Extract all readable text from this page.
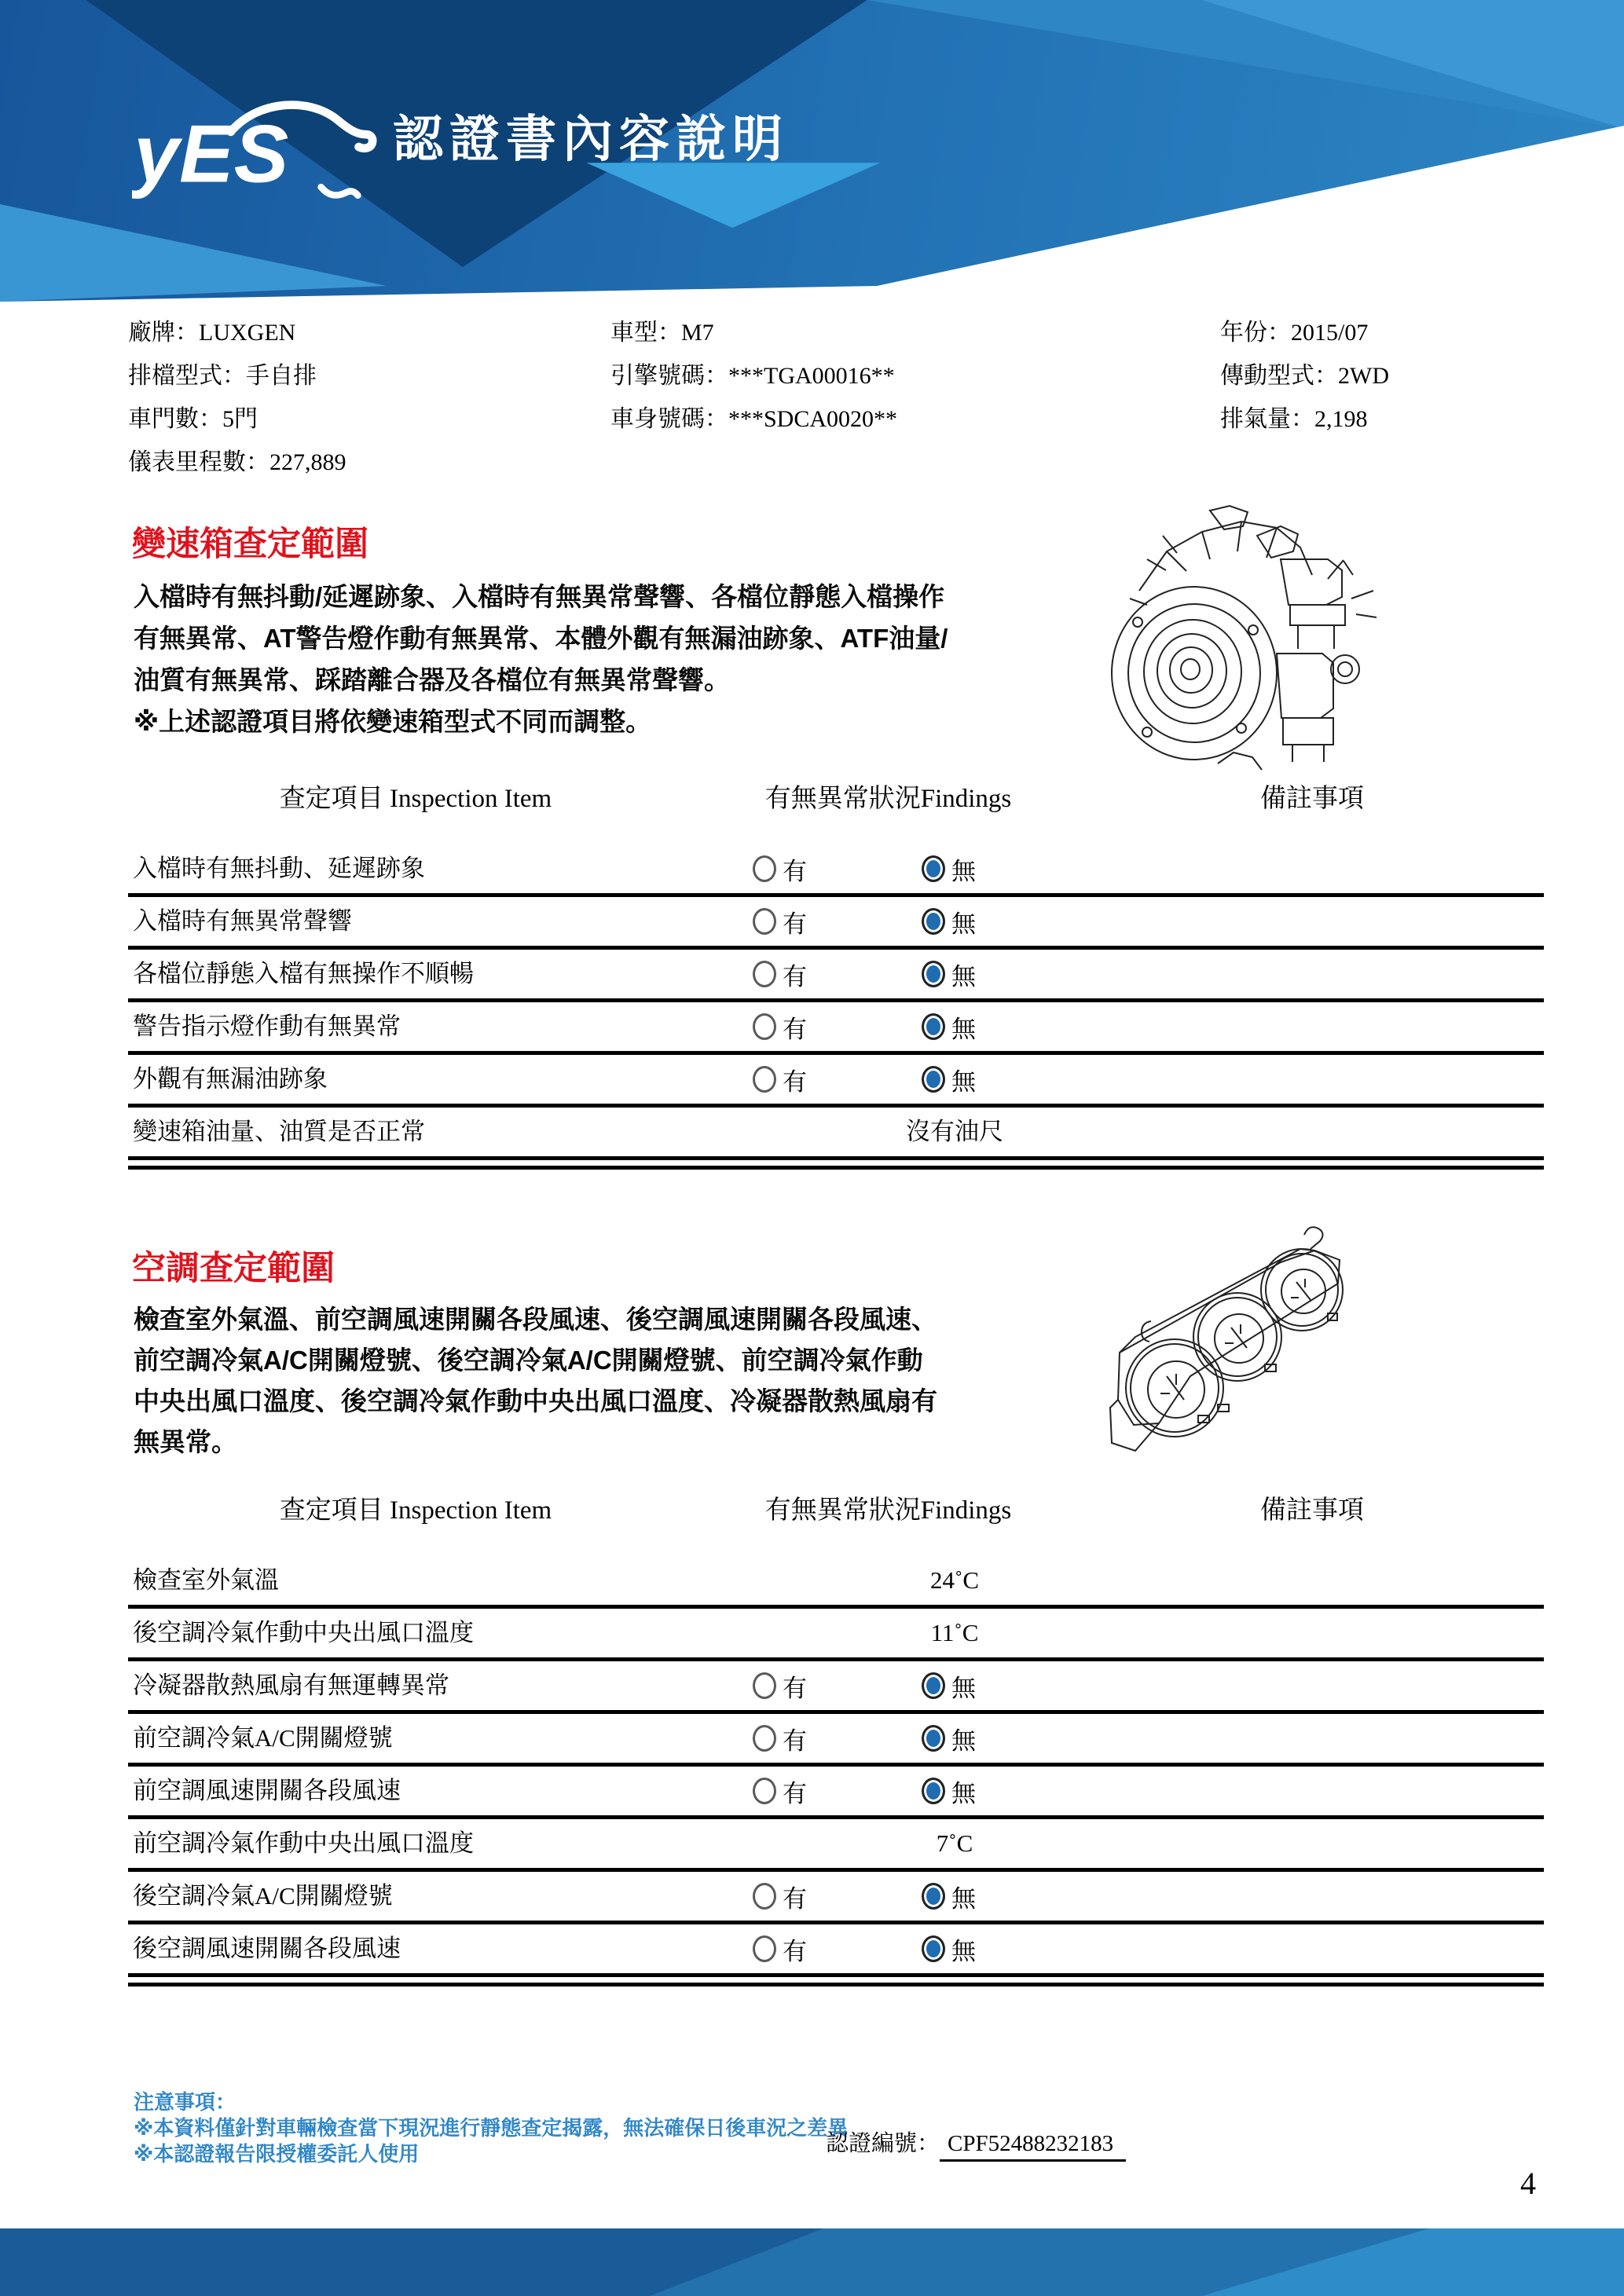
yES 認證書內容說明
廠牌：LUXGEN
排檔型式：手自排
車門數：5門
儀表里程數：227,889
車型：M7
引擎號碼：***TGA00016**
車身號碼：***SDCA0020**
年份：2015/07
傳動型式：2WD
排氣量：2,198
變速箱查定範圍
入檔時有無抖動/延遲跡象、入檔時有無異常聲響、各檔位靜態入檔操作
有無異常、AT警告燈作動有無異常、本體外觀有無漏油跡象、ATF油量/
油質有無異常、踩踏離合器及各檔位有無異常聲響。
※上述認證項目將依變速箱型式不同而調整。
查定項目 Inspection Item	有無異常狀況Findings	備註事項
入檔時有無抖動、延遲跡象	有	無
入檔時有無異常聲響	有	無
各檔位靜態入檔有無操作不順暢	有	無
警告指示燈作動有無異常	有	無
外觀有無漏油跡象	有	無
變速箱油量、油質是否正常	沒有油尺
空調查定範圍
檢查室外氣溫、前空調風速開關各段風速、後空調風速開關各段風速、
前空調冷氣A/C開關燈號、後空調冷氣A/C開關燈號、前空調冷氣作動
中央出風口溫度、後空調冷氣作動中央出風口溫度、冷凝器散熱風扇有
無異常。
查定項目 Inspection Item	有無異常狀況Findings	備註事項
檢查室外氣溫	24˚C
後空調冷氣作動中央出風口溫度	11˚C
冷凝器散熱風扇有無運轉異常	有	無
前空調冷氣A/C開關燈號	有	無
前空調風速開關各段風速	有	無
前空調冷氣作動中央出風口溫度	7˚C
後空調冷氣A/C開關燈號	有	無
後空調風速開關各段風速	有	無
注意事項：
※本資料僅針對車輛檢查當下現況進行靜態查定揭露，無法確保日後車況之差異
※本認證報告限授權委託人使用	認證編號： CPF52488232183
4
